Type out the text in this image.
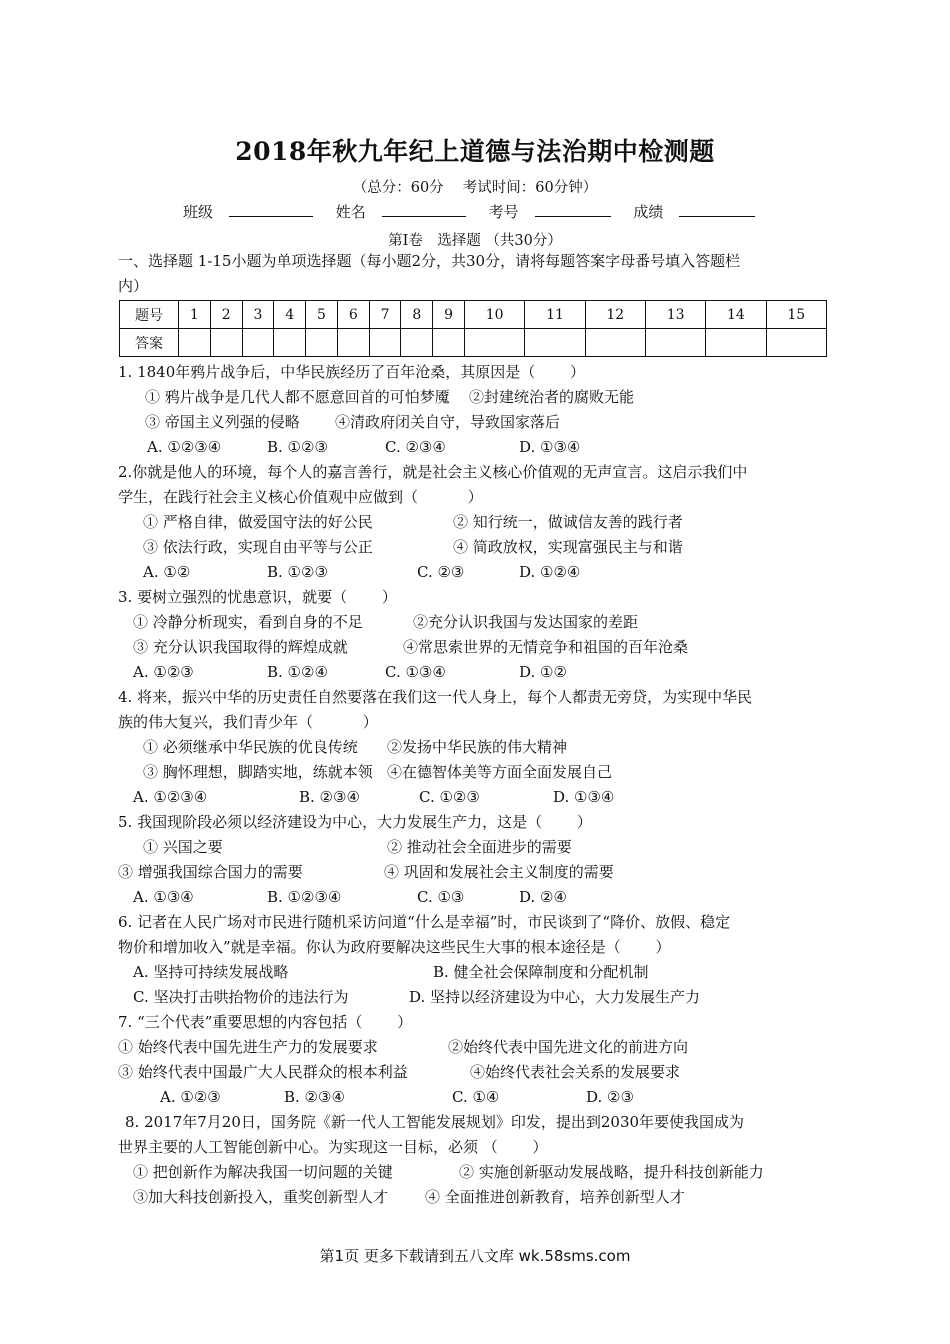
2018年秋九年纪上道德与法治期中检测题
（总分：60分　 考试时间：60分钟）
班级	姓名	考号	成绩
第Ⅰ卷　选择题 （共30分）
一、选择题 1-15小题为单项选择题（每小题2分，共30分，请将每题答案字母番号填入答题栏
内）
题号	1	2	3	4	5	6	7	8	9	10	11	12	13	14	15
答案															
1. 1840年鸦片战争后，中华民族经历了百年沧桑，其原因是（　　 ）
① 鸦片战争是几代人都不愿意回首的可怕梦魇 ②封建统治者的腐败无能
③ 帝国主义列强的侵略 ④清政府闭关自守，导致国家落后
A. ①②③④	B. ①②③	C. ②③④	D. ①③④
2.你就是他人的环境，每个人的嘉言善行，就是社会主义核心价值观的无声宣言。这启示我们中
学生，在践行社会主义核心价值观中应做到（　　　 ）
① 严格自律，做爱国守法的好公民	② 知行统一，做诚信友善的践行者
③ 依法行政，实现自由平等与公正	④ 简政放权，实现富强民主与和谐
A. ①②	B. ①②③	C. ②③	D. ①②④
3. 要树立强烈的忧患意识，就要（　　 ）
① 冷静分析现实，看到自身的不足	②充分认识我国与发达国家的差距
③ 充分认识我国取得的辉煌成就	④常思索世界的无情竞争和祖国的百年沧桑
A. ①②③	B. ①②④	C. ①③④	D. ①②
4. 将来，振兴中华的历史责任自然要落在我们这一代人身上，每个人都责无旁贷，为实现中华民
族的伟大复兴，我们青少年（　　　 ）
① 必须继承中华民族的优良传统 ②发扬中华民族的伟大精神
③ 胸怀理想，脚踏实地，练就本领 ④在德智体美等方面全面发展自己
A. ①②③④	B. ②③④	C. ①②③	D. ①③④
5. 我国现阶段必须以经济建设为中心，大力发展生产力，这是（　　 ）
① 兴国之要	② 推动社会全面进步的需要
③ 增强我国综合国力的需要	④ 巩固和发展社会主义制度的需要
A. ①③④	B. ①②③④	C. ①③	D. ②④
6. 记者在人民广场对市民进行随机采访问道“什么是幸福”时，市民谈到了“降价、放假、稳定
物价和增加收入”就是幸福。你认为政府要解决这些民生大事的根本途径是（　　 ）
A. 坚持可持续发展战略	B. 健全社会保障制度和分配机制
C. 坚决打击哄抬物价的违法行为	D. 坚持以经济建设为中心，大力发展生产力
7. “三个代表”重要思想的内容包括（　　 ）
① 始终代表中国先进生产力的发展要求	②始终代表中国先进文化的前进方向
③ 始终代表中国最广大人民群众的根本利益	④始终代表社会关系的发展要求
A. ①②③	B. ②③④	C. ①④	D. ②③
8. 2017年7月20日，国务院《新一代人工智能发展规划》印发，提出到2030年要使我国成为
世界主要的人工智能创新中心。为实现这一目标，必须 （　　 ）
① 把创新作为解决我国一切问题的关键	② 实施创新驱动发展战略，提升科技创新能力
③加大科技创新投入，重奖创新型人才 ④ 全面推进创新教育，培养创新型人才
第1页 更多下载请到五八文库 wk.58sms.com
